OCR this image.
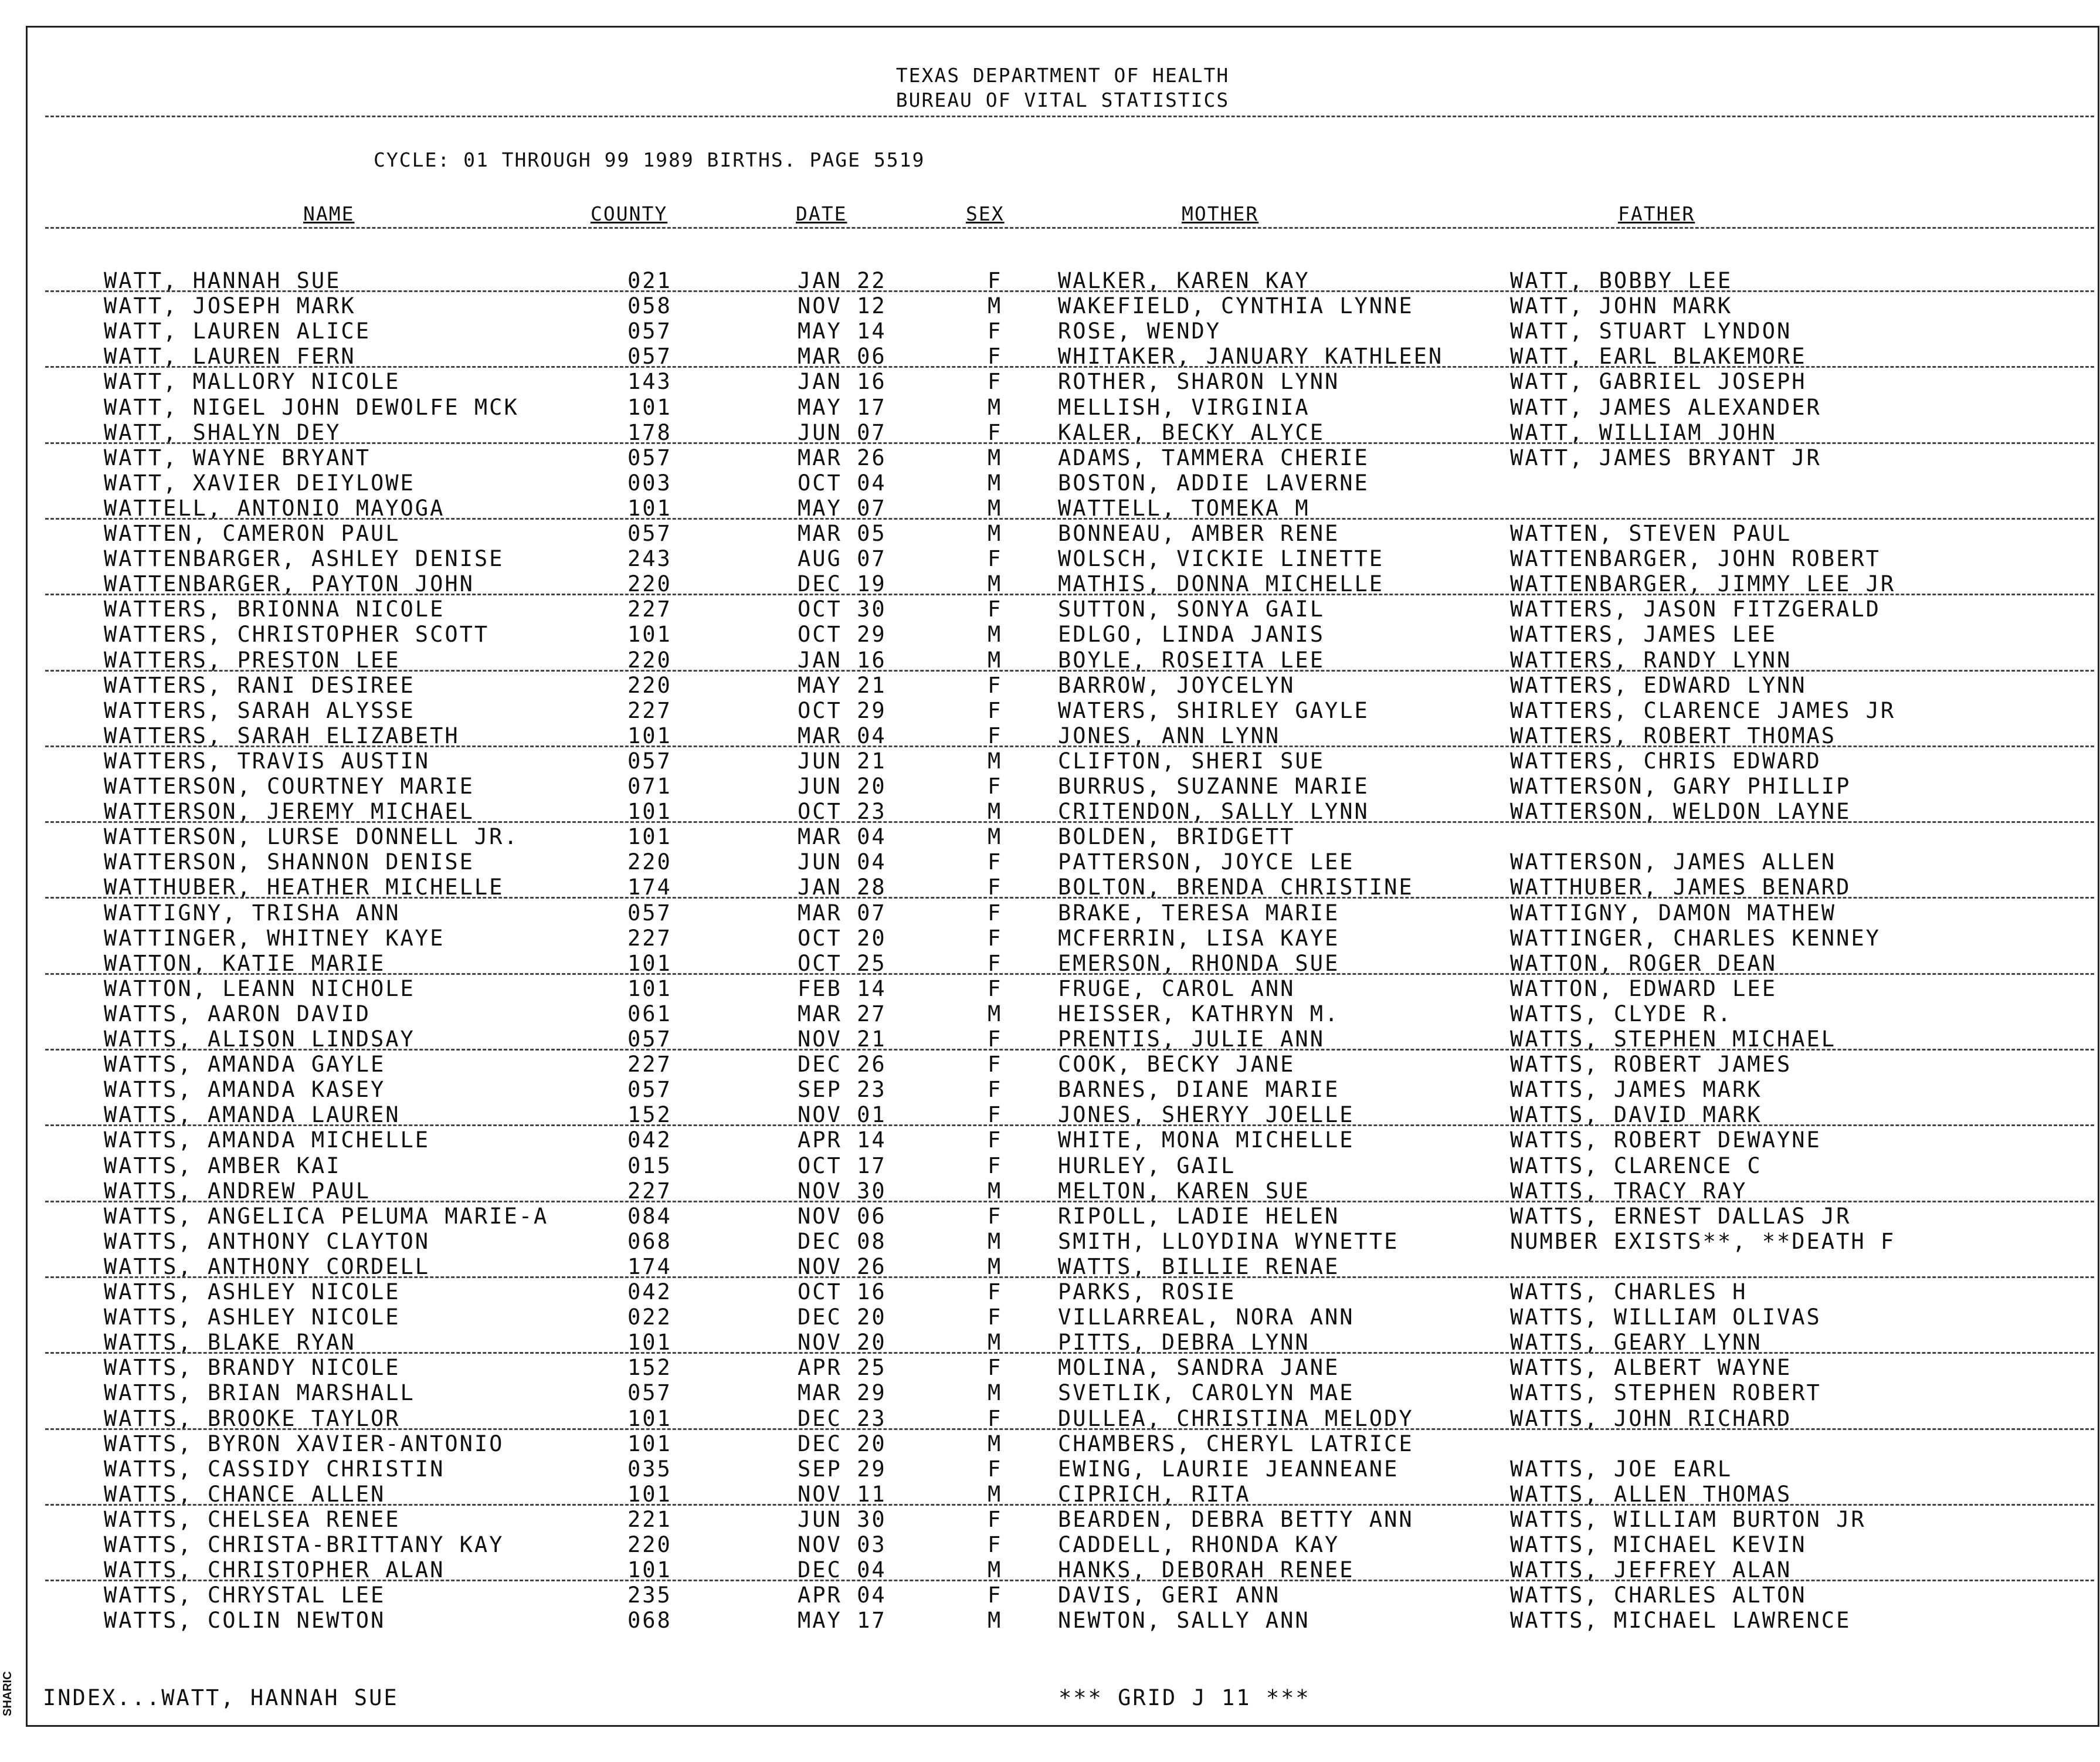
TEXAS DEPARTMENT OF HEALTH
BUREAU OF VITAL STATISTICS
CYCLE: 01 THROUGH 99 1989 BIRTHS. PAGE 5519
NAME	COUNTY	DATE	SEX	MOTHER	FATHER
WATT, HANNAH SUE	021	JAN 22	F	WALKER, KAREN KAY	WATT, BOBBY LEE
WATT, JOSEPH MARK	058	NOV 12	M	WAKEFIELD, CYNTHIA LYNNE	WATT, JOHN MARK
WATT, LAUREN ALICE	057	MAY 14	F	ROSE, WENDY	WATT, STUART LYNDON
WATT, LAUREN FERN	057	MAR 06	F	WHITAKER, JANUARY KATHLEEN	WATT, EARL BLAKEMORE
WATT, MALLORY NICOLE	143	JAN 16	F	ROTHER, SHARON LYNN	WATT, GABRIEL JOSEPH
WATT, NIGEL JOHN DEWOLFE MCK	101	MAY 17	M	MELLISH, VIRGINIA	WATT, JAMES ALEXANDER
WATT, SHALYN DEY	178	JUN 07	F	KALER, BECKY ALYCE	WATT, WILLIAM JOHN
WATT, WAYNE BRYANT	057	MAR 26	M	ADAMS, TAMMERA CHERIE	WATT, JAMES BRYANT JR
WATT, XAVIER DEIYLOWE	003	OCT 04	M	BOSTON, ADDIE LAVERNE
WATTELL, ANTONIO MAYOGA	101	MAY 07	M	WATTELL, TOMEKA M
WATTEN, CAMERON PAUL	057	MAR 05	M	BONNEAU, AMBER RENE	WATTEN, STEVEN PAUL
WATTENBARGER, ASHLEY DENISE	243	AUG 07	F	WOLSCH, VICKIE LINETTE	WATTENBARGER, JOHN ROBERT
WATTENBARGER, PAYTON JOHN	220	DEC 19	M	MATHIS, DONNA MICHELLE	WATTENBARGER, JIMMY LEE JR
WATTERS, BRIONNA NICOLE	227	OCT 30	F	SUTTON, SONYA GAIL	WATTERS, JASON FITZGERALD
WATTERS, CHRISTOPHER SCOTT	101	OCT 29	M	EDLGO, LINDA JANIS	WATTERS, JAMES LEE
WATTERS, PRESTON LEE	220	JAN 16	M	BOYLE, ROSEITA LEE	WATTERS, RANDY LYNN
WATTERS, RANI DESIREE	220	MAY 21	F	BARROW, JOYCELYN	WATTERS, EDWARD LYNN
WATTERS, SARAH ALYSSE	227	OCT 29	F	WATERS, SHIRLEY GAYLE	WATTERS, CLARENCE JAMES JR
WATTERS, SARAH ELIZABETH	101	MAR 04	F	JONES, ANN LYNN	WATTERS, ROBERT THOMAS
WATTERS, TRAVIS AUSTIN	057	JUN 21	M	CLIFTON, SHERI SUE	WATTERS, CHRIS EDWARD
WATTERSON, COURTNEY MARIE	071	JUN 20	F	BURRUS, SUZANNE MARIE	WATTERSON, GARY PHILLIP
WATTERSON, JEREMY MICHAEL	101	OCT 23	M	CRITENDON, SALLY LYNN	WATTERSON, WELDON LAYNE
WATTERSON, LURSE DONNELL JR.	101	MAR 04	M	BOLDEN, BRIDGETT
WATTERSON, SHANNON DENISE	220	JUN 04	F	PATTERSON, JOYCE LEE	WATTERSON, JAMES ALLEN
WATTHUBER, HEATHER MICHELLE	174	JAN 28	F	BOLTON, BRENDA CHRISTINE	WATTHUBER, JAMES BENARD
WATTIGNY, TRISHA ANN	057	MAR 07	F	BRAKE, TERESA MARIE	WATTIGNY, DAMON MATHEW
WATTINGER, WHITNEY KAYE	227	OCT 20	F	MCFERRIN, LISA KAYE	WATTINGER, CHARLES KENNEY
WATTON, KATIE MARIE	101	OCT 25	F	EMERSON, RHONDA SUE	WATTON, ROGER DEAN
WATTON, LEANN NICHOLE	101	FEB 14	F	FRUGE, CAROL ANN	WATTON, EDWARD LEE
WATTS, AARON DAVID	061	MAR 27	M	HEISSER, KATHRYN M.	WATTS, CLYDE R.
WATTS, ALISON LINDSAY	057	NOV 21	F	PRENTIS, JULIE ANN	WATTS, STEPHEN MICHAEL
WATTS, AMANDA GAYLE	227	DEC 26	F	COOK, BECKY JANE	WATTS, ROBERT JAMES
WATTS, AMANDA KASEY	057	SEP 23	F	BARNES, DIANE MARIE	WATTS, JAMES MARK
WATTS, AMANDA LAUREN	152	NOV 01	F	JONES, SHERYY JOELLE	WATTS, DAVID MARK
WATTS, AMANDA MICHELLE	042	APR 14	F	WHITE, MONA MICHELLE	WATTS, ROBERT DEWAYNE
WATTS, AMBER KAI	015	OCT 17	F	HURLEY, GAIL	WATTS, CLARENCE C
WATTS, ANDREW PAUL	227	NOV 30	M	MELTON, KAREN SUE	WATTS, TRACY RAY
WATTS, ANGELICA PELUMA MARIE-A	084	NOV 06	F	RIPOLL, LADIE HELEN	WATTS, ERNEST DALLAS JR
WATTS, ANTHONY CLAYTON	068	DEC 08	M	SMITH, LLOYDINA WYNETTE	NUMBER EXISTS**, **DEATH F
WATTS, ANTHONY CORDELL	174	NOV 26	M	WATTS, BILLIE RENAE
WATTS, ASHLEY NICOLE	042	OCT 16	F	PARKS, ROSIE	WATTS, CHARLES H
WATTS, ASHLEY NICOLE	022	DEC 20	F	VILLARREAL, NORA ANN	WATTS, WILLIAM OLIVAS
WATTS, BLAKE RYAN	101	NOV 20	M	PITTS, DEBRA LYNN	WATTS, GEARY LYNN
WATTS, BRANDY NICOLE	152	APR 25	F	MOLINA, SANDRA JANE	WATTS, ALBERT WAYNE
WATTS, BRIAN MARSHALL	057	MAR 29	M	SVETLIK, CAROLYN MAE	WATTS, STEPHEN ROBERT
WATTS, BROOKE TAYLOR	101	DEC 23	F	DULLEA, CHRISTINA MELODY	WATTS, JOHN RICHARD
WATTS, BYRON XAVIER-ANTONIO	101	DEC 20	M	CHAMBERS, CHERYL LATRICE
WATTS, CASSIDY CHRISTIN	035	SEP 29	F	EWING, LAURIE JEANNEANE	WATTS, JOE EARL
WATTS, CHANCE ALLEN	101	NOV 11	M	CIPRICH, RITA	WATTS, ALLEN THOMAS
WATTS, CHELSEA RENEE	221	JUN 30	F	BEARDEN, DEBRA BETTY ANN	WATTS, WILLIAM BURTON JR
WATTS, CHRISTA-BRITTANY KAY	220	NOV 03	F	CADDELL, RHONDA KAY	WATTS, MICHAEL KEVIN
WATTS, CHRISTOPHER ALAN	101	DEC 04	M	HANKS, DEBORAH RENEE	WATTS, JEFFREY ALAN
WATTS, CHRYSTAL LEE	235	APR 04	F	DAVIS, GERI ANN	WATTS, CHARLES ALTON
WATTS, COLIN NEWTON	068	MAY 17	M	NEWTON, SALLY ANN	WATTS, MICHAEL LAWRENCE
INDEX...WATT, HANNAH SUE	*** GRID J 11 ***
SHARIC
